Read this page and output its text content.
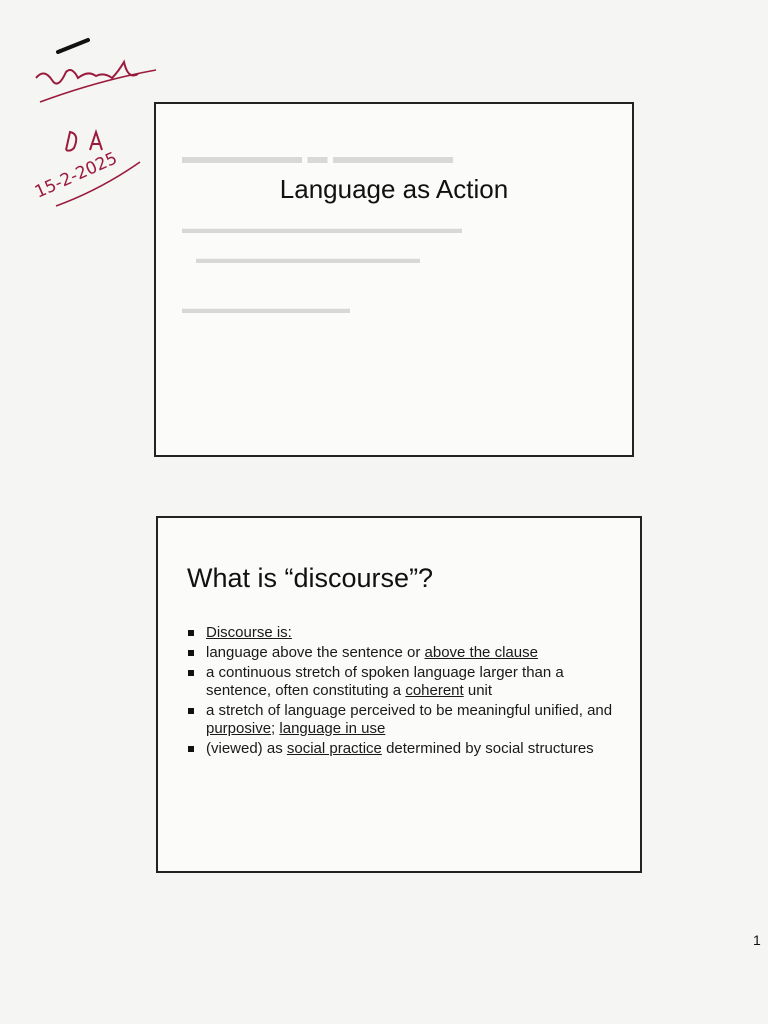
15-2-2025	▬▬▬▬▬▬ ▬ ▬▬▬▬▬▬
▬▬▬▬▬▬▬▬▬▬▬▬▬▬▬▬▬▬▬▬
▬▬▬▬▬▬▬▬▬▬▬▬▬▬▬▬
▬▬▬▬▬▬▬▬▬▬▬▬
Language as Action
What is “discourse”?
Discourse is:
language above the sentence or above the clause
a continuous stretch of spoken language larger than a sentence, often constituting a coherent unit
a stretch of language perceived to be meaningful unified, and purposive; language in use
(viewed) as social practice determined by social structures
1
